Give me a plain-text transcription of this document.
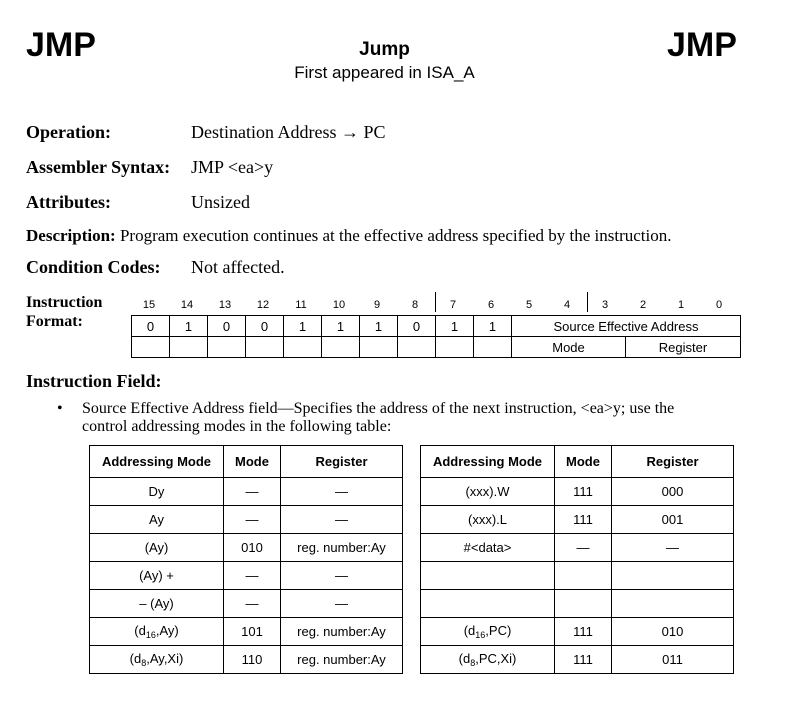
JMP	JMP
Jump
First appeared in ISA_A
Operation:	Destination Address → PC
Assembler Syntax: JMP <ea>y
Attributes:	Unsized
Description: Program execution continues at the effective address specified by the instruction.
Condition Codes: Not affected.
Instruction
Format:
15	14	13	12	11	10	9	8	7	6	5	4	3	2	1	0
0	1	0	0	1	1	1	0	1	1	Source Effective Address	
										Mode	Register
Instruction Field:
• Source Effective Address field—Specifies the address of the next instruction, <ea>y; use the
control addressing modes in the following table:
Addressing Mode	Mode	Register
Dy	—	—
Ay	—	—
(Ay)	010	reg. number:Ay
(Ay) +	—	—
– (Ay)	—	—
$(d_{16},Ay)$	101	reg. number:Ay
$(d_8,Ay,Xi)$	110	reg. number:Ay
Addressing Mode	Mode	Register
(xxx).W	111	000
(xxx).L	111	001
#<data>	—	—

$(d_{16},PC)$	111	010
$(d_8,PC,Xi)$	111	011
